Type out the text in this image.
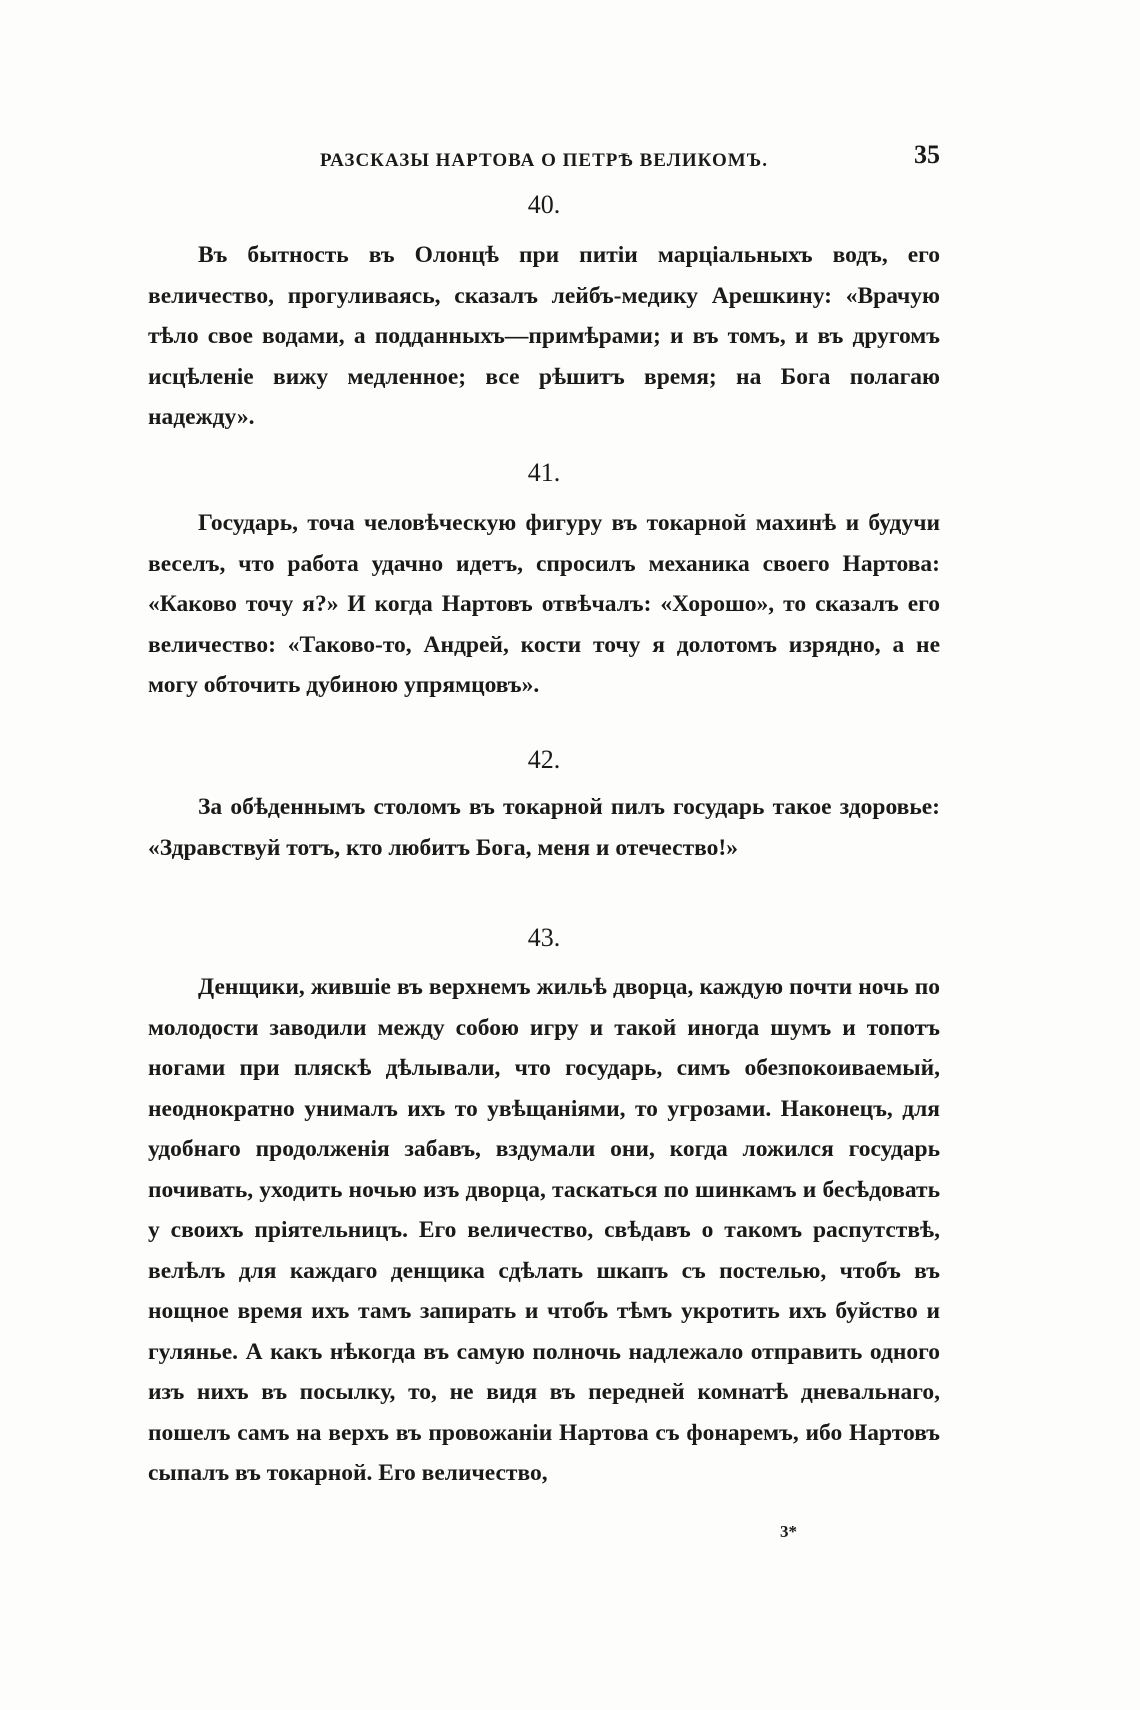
РАЗСКАЗЫ НАРТОВА О ПЕТРѢ ВЕЛИКОМЪ.	35
40.

Въ бытность въ Олонцѣ при питіи марціальныхъ водъ, его величество, прогуливаясь, сказалъ лейбъ-медику Арешкину: «Врачую тѣло свое водами, а подданныхъ—примѣрами; и въ томъ, и въ другомъ исцѣленіе вижу медленное; все рѣшитъ время; на Бога полагаю надежду».

41.

Государь, точа человѣческую фигуру въ токарной махинѣ и будучи веселъ, что работа удачно идетъ, спросилъ механика своего Нартова: «Каково точу я?» И когда Нартовъ отвѣчалъ: «Хорошо», то сказалъ его величество: «Таково-то, Андрей, кости точу я долотомъ изрядно, а не могу обточить дубиною упрямцовъ».

42.

За обѣденнымъ столомъ въ токарной пилъ государь такое здоровье: «Здравствуй тотъ, кто любитъ Бога, меня и отечество!»

43.

Денщики, жившіе въ верхнемъ жильѣ дворца, каждую почти ночь по молодости заводили между собою игру и такой иногда шумъ и топотъ ногами при пляскѣ дѣлывали, что государь, симъ обезпокоиваемый, неоднократно унималъ ихъ то увѣщаніями, то угрозами. Наконецъ, для удобнаго продолженія забавъ, вздумали они, когда ложился государь почивать, уходить ночью изъ дворца, таскаться по шинкамъ и бесѣдовать у своихъ пріятельницъ. Его величество, свѣдавъ о такомъ распутствѣ, велѣлъ для каждаго денщика сдѣлать шкапъ съ постелью, чтобъ въ нощное время ихъ тамъ запирать и чтобъ тѣмъ укротить ихъ буйство и гулянье. А какъ нѣкогда въ самую полночь надлежало отправить одного изъ нихъ въ посылку, то, не видя въ передней комнатѣ дневальнаго, пошелъ самъ на верхъ въ провожаніи Нартова съ фонаремъ, ибо Нартовъ сыпалъ въ токарной. Его величество,

3*
